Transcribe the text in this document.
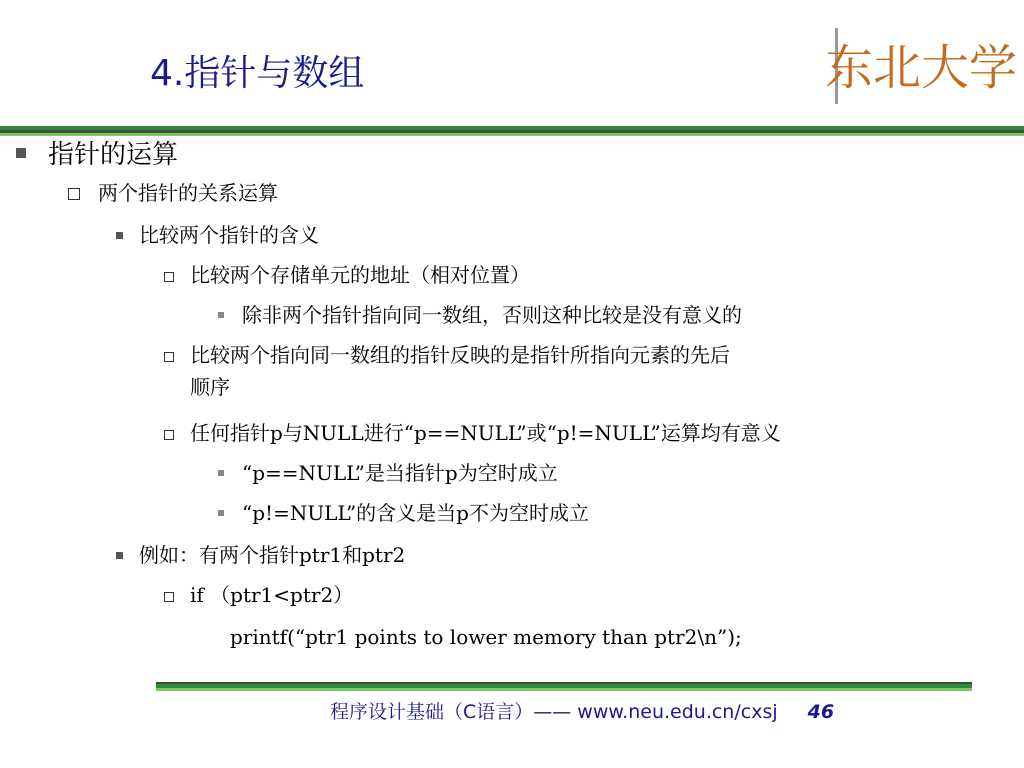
4.指针与数组	东北大学
指针的运算
两个指针的关系运算
比较两个指针的含义
比较两个存储单元的地址（相对位置）
除非两个指针指向同一数组，否则这种比较是没有意义的
比较两个指向同一数组的指针反映的是指针所指向元素的先后
顺序
任何指针p与NULL进行“p==NULL”或“p!=NULL”运算均有意义
“p==NULL”是当指针p为空时成立
“p!=NULL”的含义是当p不为空时成立
例如：有两个指针ptr1和ptr2
if （ptr1<ptr2）
printf(“ptr1 points to lower memory than ptr2\n”);
程序设计基础（C语言）—— www.neu.edu.cn/cxsj 46
